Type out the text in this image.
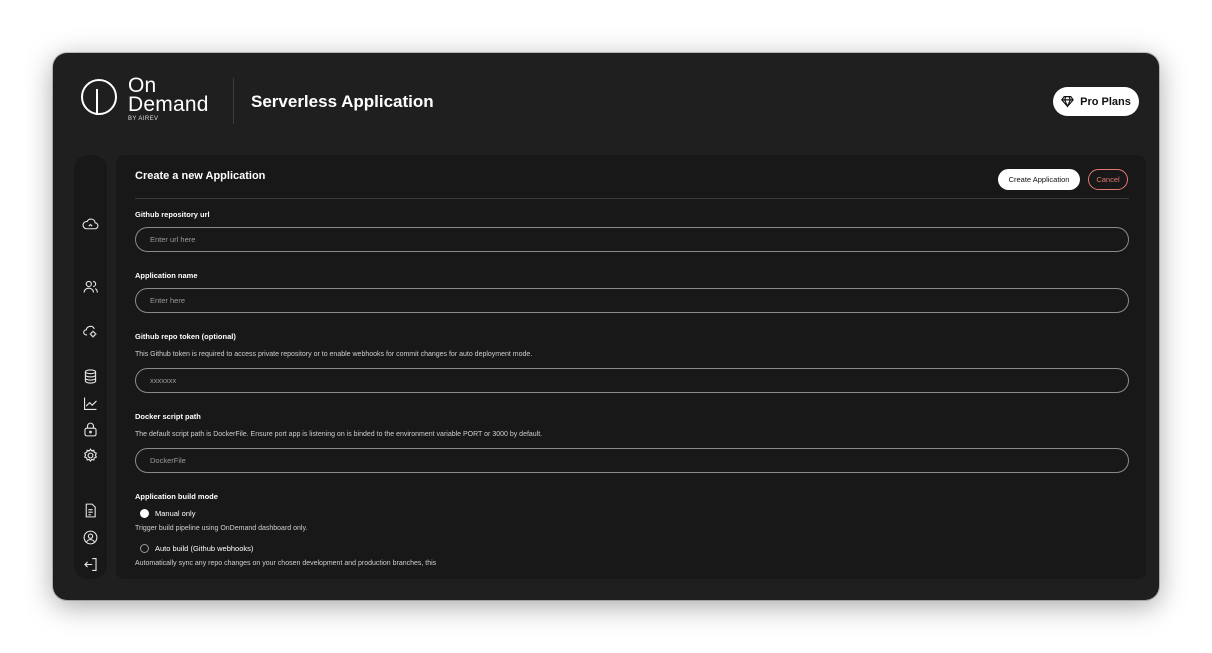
On
Demand
BY AIREV
Serverless Application	Pro Plans
Create a new Application	Create Application	Cancel
Github repository url
Enter url here
Application name
Enter here
Github repo token (optional)
This Github token is required to access private repository or to enable webhooks for commit changes for auto deployment mode.
xxxxxxx
Docker script path
The default script path is DockerFile. Ensure port app is listening on is binded to the environment variable PORT or 3000 by default.
DockerFile
Application build mode
Manual only
Trigger build pipeline using OnDemand dashboard only.
Auto build (Github webhooks)
Automatically sync any repo changes on your chosen development and production branches, this
